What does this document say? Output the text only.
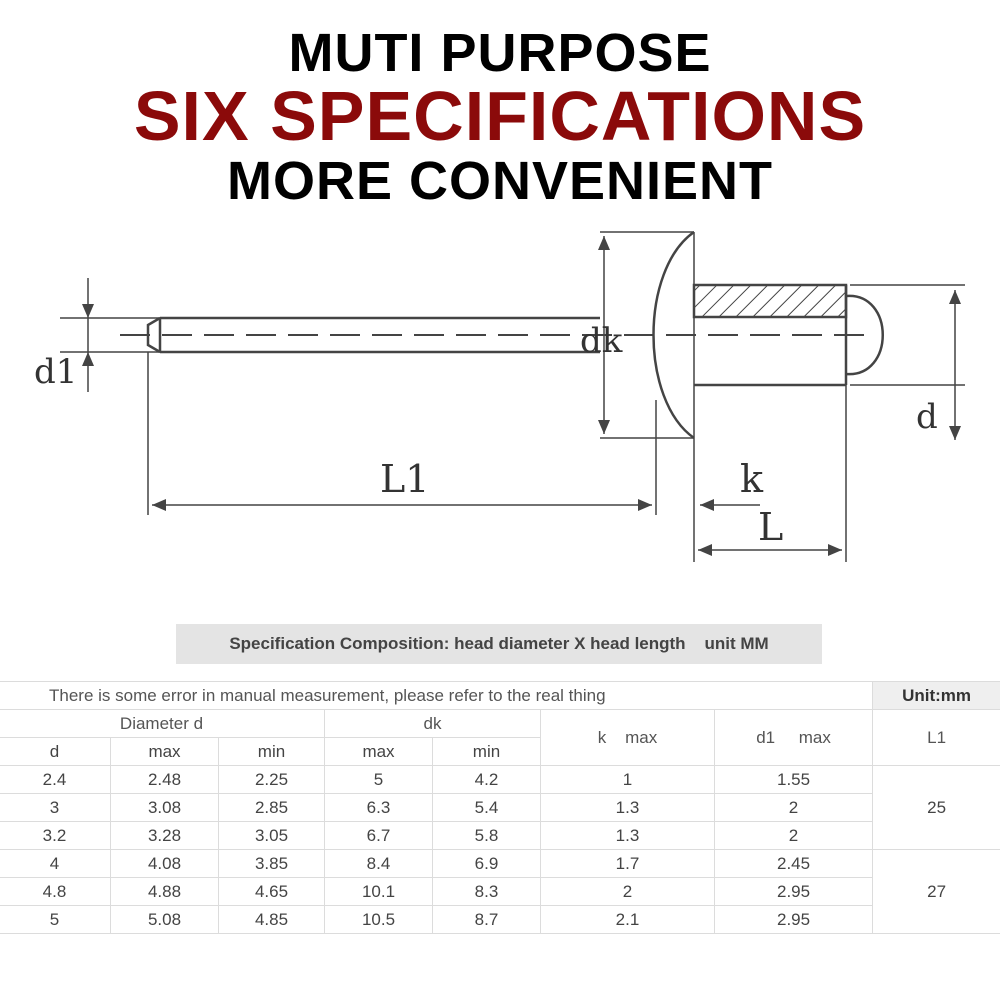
MUTI PURPOSE
SIX SPECIFICATIONS
MORE CONVENIENT
d1
dk
d
L1	k
L
Specification Composition: head diameter X head length    unit MM
There is some error in manual measurement, please refer to the real thing							Unit:mm
Diameter d			dk		k    max	d1     max	L1
d	max	min	max	min			
2.4	2.48	2.25	5	4.2	1	1.55	25
3	3.08	2.85	6.3	5.4	1.3	2	
3.2	3.28	3.05	6.7	5.8	1.3	2	
4	4.08	3.85	8.4	6.9	1.7	2.45	27
4.8	4.88	4.65	10.1	8.3	2	2.95	
5	5.08	4.85	10.5	8.7	2.1	2.95	
